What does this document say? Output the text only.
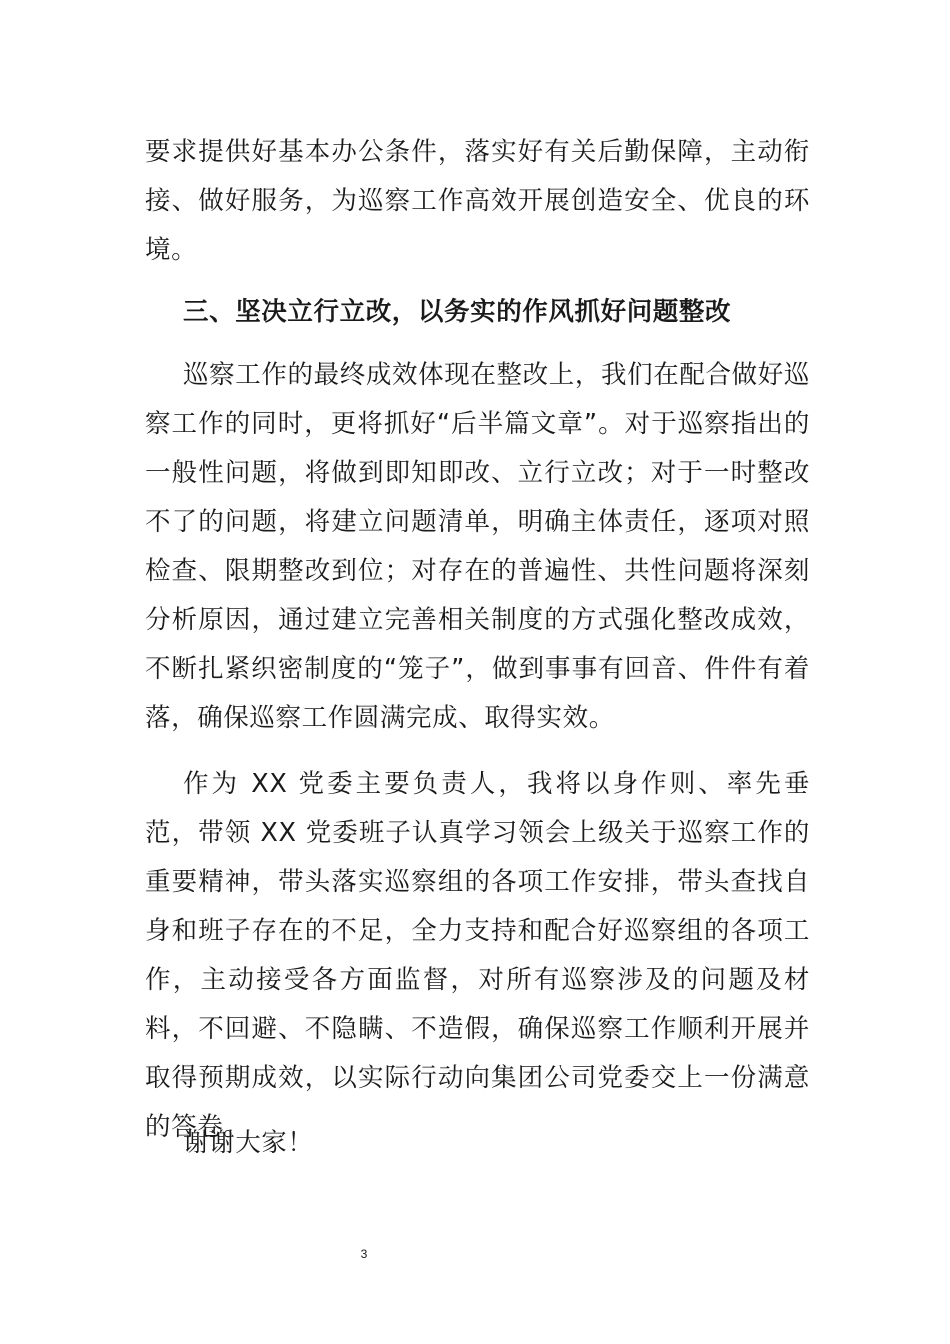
要求提供好基本办公条件，落实好有关后勤保障，主动衔接、做好服务，为巡察工作高效开展创造安全、优良的环境。

三、坚决立行立改，以务实的作风抓好问题整改

巡察工作的最终成效体现在整改上，我们在配合做好巡察工作的同时，更将抓好“后半篇文章”。对于巡察指出的一般性问题，将做到即知即改、立行立改；对于一时整改不了的问题，将建立问题清单，明确主体责任，逐项对照检查、限期整改到位；对存在的普遍性、共性问题将深刻分析原因，通过建立完善相关制度的方式强化整改成效，不断扎紧织密制度的“笼子”，做到事事有回音、件件有着落，确保巡察工作圆满完成、取得实效。

作为 XX 党委主要负责人，我将以身作则、率先垂范，带领 XX 党委班子认真学习领会上级关于巡察工作的重要精神，带头落实巡察组的各项工作安排，带头查找自身和班子存在的不足，全力支持和配合好巡察组的各项工作，主动接受各方面监督，对所有巡察涉及的问题及材料，不回避、不隐瞒、不造假，确保巡察工作顺利开展并取得预期成效，以实际行动向集团公司党委交上一份满意的答卷。

谢谢大家！

3
